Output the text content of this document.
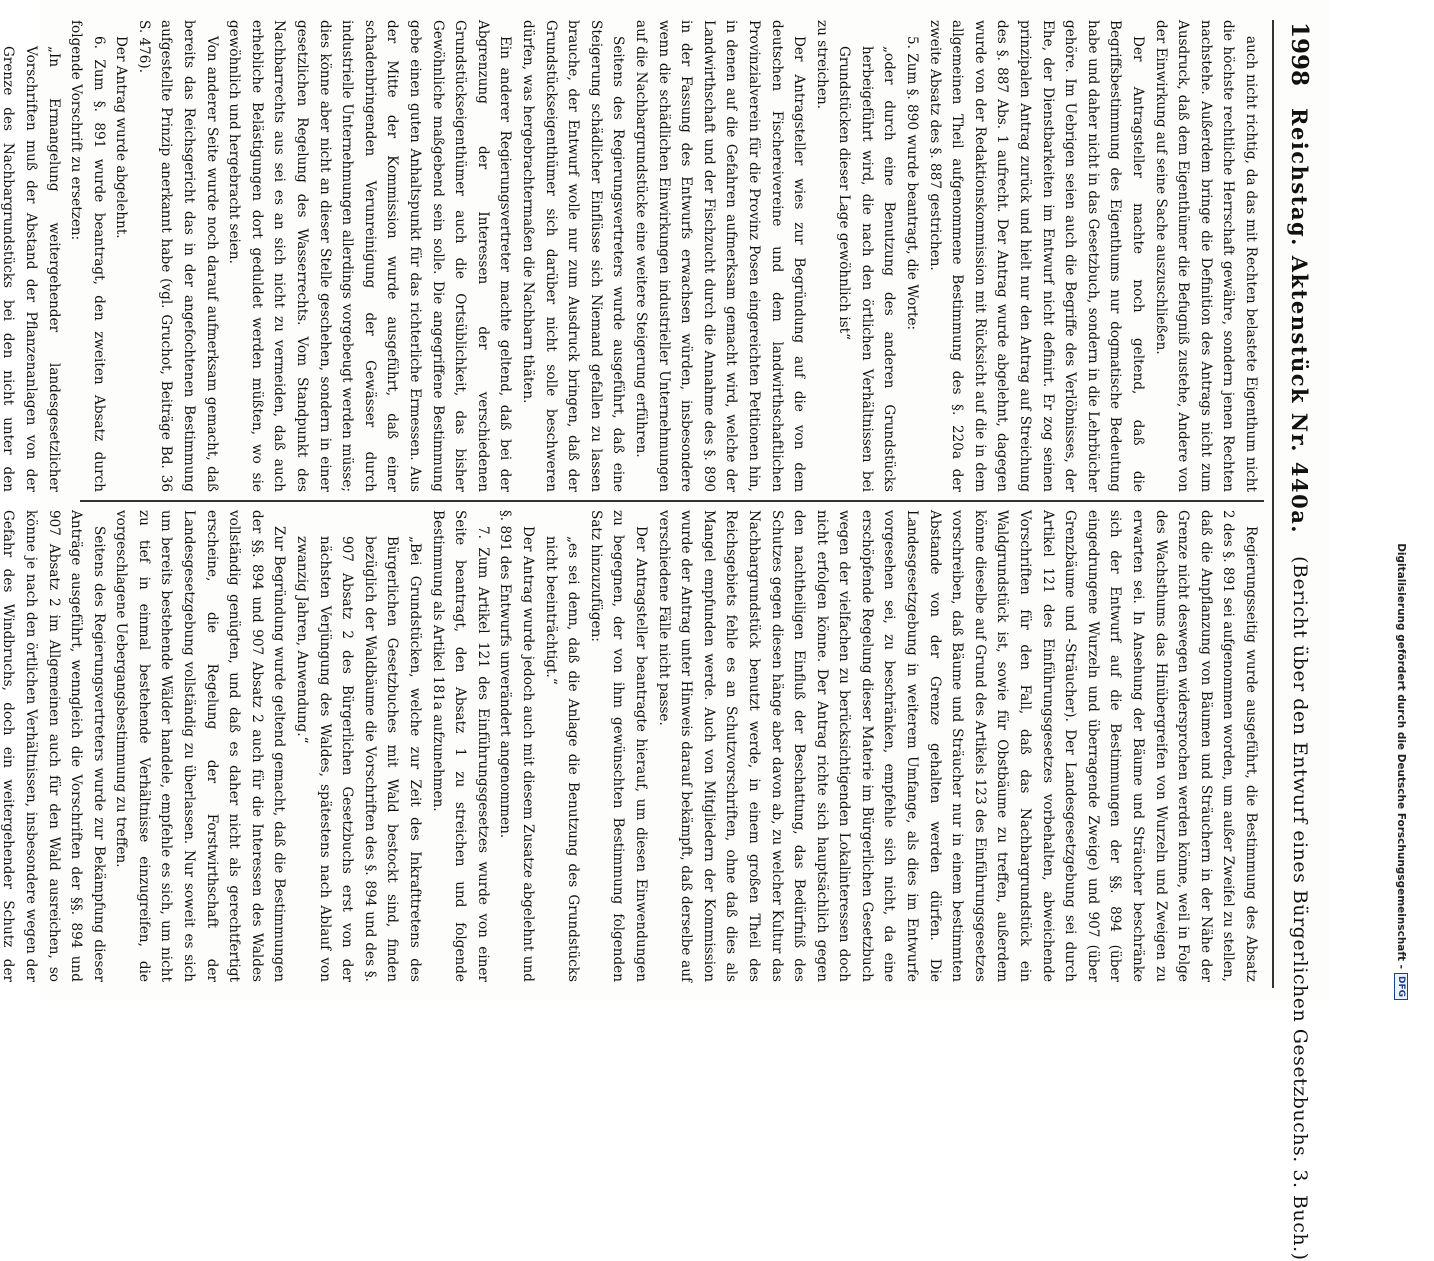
1998
Reichstag. Aktenstück Nr. 440a.
(Bericht über den Entwurf eines Bürgerlichen Gesetzbuchs. 3. Buch.)

auch nicht richtig, da das mit Rechten belastete Eigenthum nicht die höchste rechtliche Herrschaft gewähre, sondern jenen Rechten nachstehe. Außerdem bringe die Definition des Antrags nicht zum Ausdruck, daß dem Eigenthümer die Befugniß zustehe, Andere von der Einwirkung auf seine Sache auszuschließen.

Der Antragsteller machte noch geltend, daß die Begriffsbestimmung des Eigenthums nur dogmatische Bedeutung habe und daher nicht in das Gesetzbuch, sondern in die Lehrbücher gehöre. Im Uebrigen seien auch die Begriffe des Verlöbnisses, der Ehe, der Dienstbarkeiten im Entwurf nicht definirt. Er zog seinen prinzipalen Antrag zurück und hielt nur den Antrag auf Streichung des §. 887 Abs. 1 aufrecht. Der Antrag wurde abgelehnt, dagegen wurde von der Redaktionskommission mit Rücksicht auf die in dem allgemeinen Theil aufgenommene Bestimmung des §. 220a der zweite Absatz des §. 887 gestrichen.

5. Zum §. 890 wurde beantragt, die Worte:

„oder durch eine Benutzung des anderen Grundstücks herbeigeführt wird, die nach den örtlichen Verhältnissen bei Grundstücken dieser Lage gewöhnlich ist“

zu streichen.

Der Antragsteller wies zur Begründung auf die von dem deutschen Fischereivereine und dem landwirthschaftlichen Provinzialverein für die Provinz Posen eingereichten Petitionen hin, in denen auf die Gefahren aufmerksam gemacht wird, welche der Landwirthschaft und der Fischzucht durch die Annahme des §. 890 in der Fassung des Entwurfs erwachsen würden, insbesondere wenn die schädlichen Einwirkungen industrieller Unternehmungen auf die Nachbargrundstücke eine weitere Steigerung erführen.

Seitens des Regierungsvertreters wurde ausgeführt, daß eine Steigerung schädlicher Einflüsse sich Niemand gefallen zu lassen brauche, der Entwurf wolle nur zum Ausdruck bringen, daß der Grundstückseigenthümer sich darüber nicht solle beschweren dürfen, was hergebrachtermaßen die Nachbarn thäten.

Ein anderer Regierungsvertreter machte geltend, daß bei der Abgrenzung der Interessen der verschiedenen Grundstückseigenthümer auch die Ortsüblichkeit, das bisher Gewöhnliche maßgebend sein solle. Die angegriffene Bestimmung gebe einen guten Anhaltspunkt für das richterliche Ermessen. Aus der Mitte der Kommission wurde ausgeführt, daß einer schadenbringenden Verunreinigung der Gewässer durch industrielle Unternehmungen allerdings vorgebeugt werden müsse; dies könne aber nicht an dieser Stelle geschehen, sondern in einer gesetzlichen Regelung des Wasserrechts. Vom Standpunkt des Nachbarrechts aus sei es an sich nicht zu vermeiden, daß auch erhebliche Belästigungen dort geduldet werden müßten, wo sie gewöhnlich und hergebracht seien.

Von anderer Seite wurde noch darauf aufmerksam gemacht, daß bereits das Reichsgericht das in der angefochtenen Bestimmung aufgestellte Prinzip anerkannt habe (vgl. Gruchot, Beiträge Bd. 36 S. 476).

Der Antrag wurde abgelehnt.

6. Zum §. 891 wurde beantragt, den zweiten Absatz durch folgende Vorschrift zu ersetzen:

„In Ermangelung weitergehender landesgesetzlicher Vorschriften muß der Abstand der Pflanzenanlagen von der Grenze des Nachbargrundstücks bei den nicht unter den

Regierungsseitig wurde ausgeführt, die Bestimmung des Absatz 2 des §. 891 sei aufgenommen worden, um außer Zweifel zu stellen, daß die Anpflanzung von Bäumen und Sträuchern in der Nähe der Grenze nicht deswegen widersprochen werden könne, weil in Folge des Wachsthums das Hinübergreifen von Wurzeln und Zweigen zu erwarten sei. In Ansehung der Bäume und Sträucher beschränke sich der Entwurf auf die Bestimmungen der §§. 894 (über eingedrungene Wurzeln und überragende Zweige) und 907 (über Grenzbäume und -Sträucher). Der Landesgesetzgebung sei durch Artikel 121 des Einführungsgesetzes vorbehalten, abweichende Vorschriften für den Fall, daß das Nachbargrundstück ein Waldgrundstück ist, sowie für Obstbäume zu treffen, außerdem könne dieselbe auf Grund des Artikels 123 des Einführungsgesetzes vorschreiben, daß Bäume und Sträucher nur in einem bestimmten Abstande von der Grenze gehalten werden dürfen. Die Landesgesetzgebung in weiterem Umfange, als dies im Entwurfe vorgesehen sei, zu beschränken, empfehle sich nicht, da eine erschöpfende Regelung dieser Materie im Bürgerlichen Gesetzbuch wegen der vielfachen zu berücksichtigenden Lokalinteressen doch nicht erfolgen könne. Der Antrag richte sich hauptsächlich gegen den nachtheiligen Einfluß der Beschattung, das Bedürfniß des Schutzes gegen diesen hänge aber davon ab, zu welcher Kultur das Nachbargrundstück benutzt werde, in einem großen Theil des Reichsgebiets fehle es an Schutzvorschriften, ohne daß dies als Mangel empfunden werde. Auch von Mitgliedern der Kommission wurde der Antrag unter Hinweis darauf bekämpft, daß derselbe auf verschiedene Fälle nicht passe.

Der Antragsteller beantragte hierauf, um diesen Einwendungen zu begegnen, der von ihm gewünschten Bestimmung folgenden Satz hinzuzufügen:

„es sei denn, daß die Anlage die Benutzung des Grundstücks nicht beeinträchtigt.“

Der Antrag wurde jedoch auch mit diesem Zusatze abgelehnt und §. 891 des Entwurfs unverändert angenommen.

7. Zum Artikel 121 des Einführungsgesetzes wurde von einer Seite beantragt, den Absatz 1 zu streichen und folgende Bestimmung als Artikel 181a aufzunehmen.

„Bei Grundstücken, welche zur Zeit des Inkrafttretens des Bürgerlichen Gesetzbuches mit Wald bestockt sind, finden bezüglich der Waldbäume die Vorschriften des §. 894 und des §. 907 Absatz 2 des Bürgerlichen Gesetzbuchs erst von der nächsten Verjüngung des Waldes, spätestens nach Ablauf von zwanzig Jahren, Anwendung.“

Zur Begründung wurde geltend gemacht, daß die Bestimmungen der §§. 894 und 907 Absatz 2 auch für die Interessen des Waldes vollständig genügten, und daß es daher nicht als gerechtfertigt erscheine, die Regelung der Forstwirthschaft der Landesgesetzgebung vollständig zu überlassen. Nur soweit es sich um bereits bestehende Wälder handele, empfehle es sich, um nicht zu tief in einmal bestehende Verhältnisse einzugreifen, die vorgeschlagene Uebergangsbestimmung zu treffen.

Seitens des Regierungsvertreters wurde zur Bekämpfung dieser Anträge ausgeführt, wenngleich die Vorschriften der §§. 894 und 907 Absatz 2 im Allgemeinen auch für den Wald ausreichen, so könne je nach den örtlichen Verhältnissen, insbesondere wegen der Gefahr des Windbruchs, doch ein weitergehender Schutz der

Digitalisierung gefördert durch die Deutsche Forschungsgemeinschaft -
DFG
